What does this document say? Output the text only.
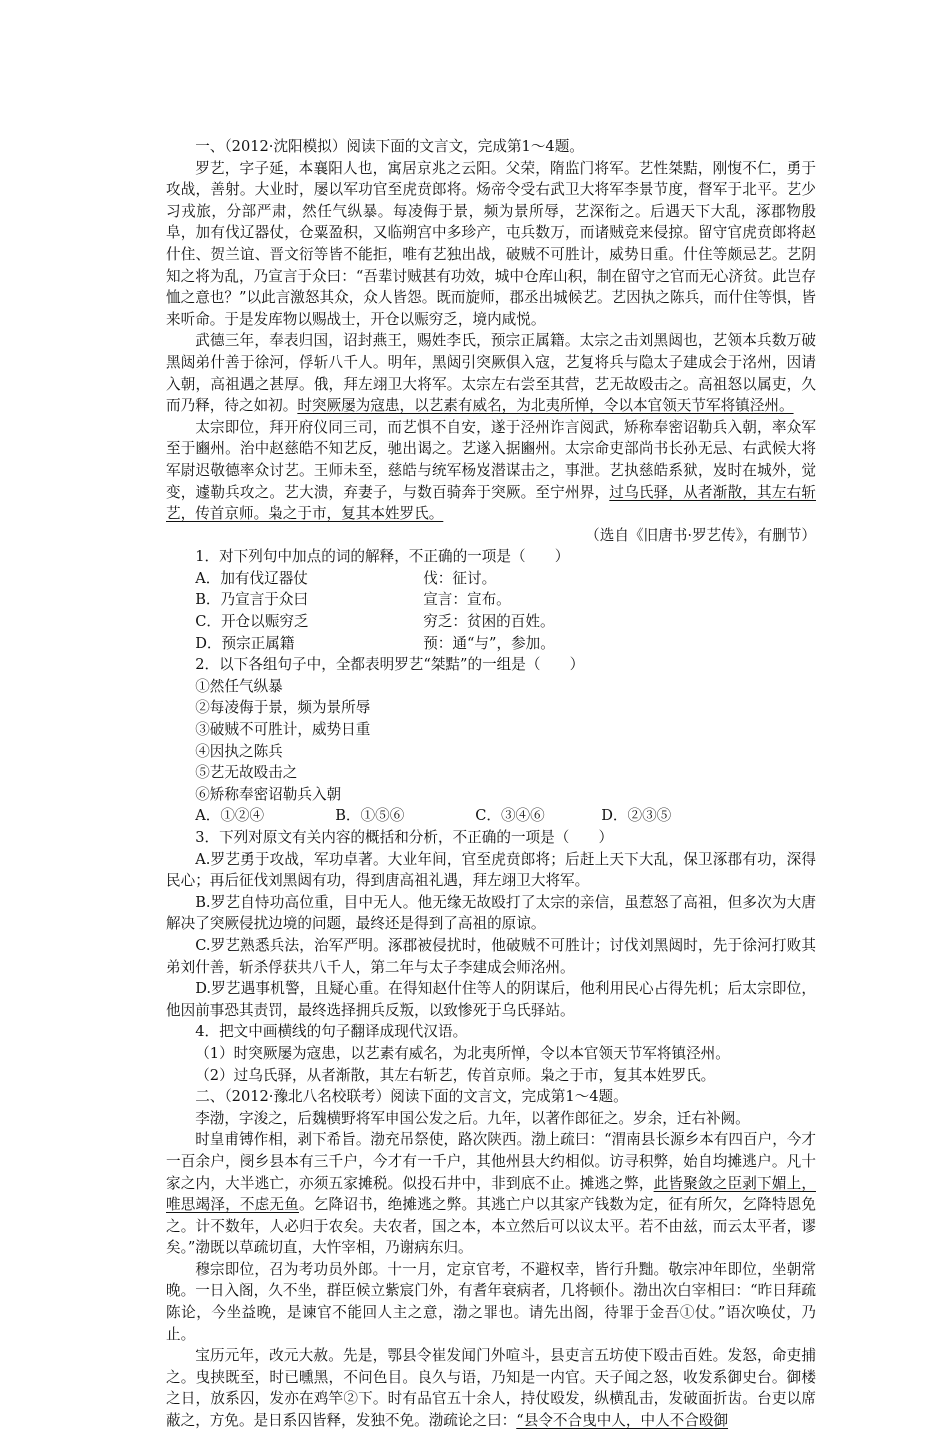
一、（2012·沈阳模拟）阅读下面的文言文，完成第1～4题。

罗艺，字子延，本襄阳人也，寓居京兆之云阳。父荣，隋监门将军。艺性桀黠，刚愎不仁，勇于攻战，善射。大业时，屡以军功官至虎贲郎将。炀帝令受右武卫大将军李景节度，督军于北平。艺少习戎旅，分部严肃，然任气纵暴。每凌侮于景，频为景所辱，艺深衔之。后遇天下大乱，涿郡物殷阜，加有伐辽器仗，仓粟盈积，又临朔宫中多珍产，屯兵数万，而诸贼竞来侵掠。留守官虎贲郎将赵什住、贺兰谊、晋文衍等皆不能拒，唯有艺独出战，破贼不可胜计，威势日重。什住等颇忌艺。艺阴知之将为乱，乃宣言于众曰：“吾辈讨贼甚有功效，城中仓库山积，制在留守之官而无心济贫。此岂存恤之意也？”以此言激怒其众，众人皆怨。既而旋师，郡丞出城候艺。艺因执之陈兵，而什住等惧，皆来听命。于是发库物以赐战士，开仓以赈穷乏，境内咸悦。

武德三年，奉表归国，诏封燕王，赐姓李氏，预宗正属籍。太宗之击刘黑闼也，艺领本兵数万破黑闼弟什善于徐河，俘斩八千人。明年，黑闼引突厥俱入寇，艺复将兵与隐太子建成会于洺州，因请入朝，高祖遇之甚厚。俄，拜左翊卫大将军。太宗左右尝至其营，艺无故殴击之。高祖怒以属吏，久而乃释，待之如初。时突厥屡为寇患，以艺素有威名，为北夷所惮，令以本官领天节军将镇泾州。

太宗即位，拜开府仪同三司，而艺惧不自安，遂于泾州诈言阅武，矫称奉密诏勒兵入朝，率众军至于豳州。治中赵慈皓不知艺反，驰出谒之。艺遂入据豳州。太宗命吏部尚书长孙无忌、右武候大将军尉迟敬德率众讨艺。王师未至，慈皓与统军杨岌潜谋击之，事泄。艺执慈皓系狱，岌时在城外，觉变，遽勒兵攻之。艺大溃，弃妻子，与数百骑奔于突厥。至宁州界，过乌氏驿，从者渐散，其左右斩艺，传首京师。枭之于市，复其本姓罗氏。

（选自《旧唐书·罗艺传》，有删节）

1．对下列句中加点的词的解释，不正确的一项是（　　）

A．加有伐辽器仗	伐：征讨。
B．乃宣言于众曰	宣言：宣布。
C．开仓以赈穷乏	穷乏：贫困的百姓。
D．预宗正属籍	预：通“与”，参加。

2．以下各组句子中，全都表明罗艺“桀黠”的一组是（　　）

①然任气纵暴
②每凌侮于景，频为景所辱
③破贼不可胜计，威势日重
④因执之陈兵
⑤艺无故殴击之
⑥矫称奉密诏勒兵入朝
A．①②④	B．①⑤⑥	C．③④⑥	D．②③⑤

3．下列对原文有关内容的概括和分析，不正确的一项是（　　）

A.罗艺勇于攻战，军功卓著。大业年间，官至虎贲郎将；后赶上天下大乱，保卫涿郡有功，深得民心；再后征伐刘黑闼有功，得到唐高祖礼遇，拜左翊卫大将军。

B.罗艺自恃功高位重，目中无人。他无缘无故殴打了太宗的亲信，虽惹怒了高祖，但多次为大唐解决了突厥侵扰边境的问题，最终还是得到了高祖的原谅。

C.罗艺熟悉兵法，治军严明。涿郡被侵扰时，他破贼不可胜计；讨伐刘黑闼时，先于徐河打败其弟刘什善，斩杀俘获共八千人，第二年与太子李建成会师洺州。

D.罗艺遇事机警，且疑心重。在得知赵什住等人的阴谋后，他利用民心占得先机；后太宗即位，他因前事恐其责罚，最终选择拥兵反叛，以致惨死于乌氏驿站。

4．把文中画横线的句子翻译成现代汉语。

（1）时突厥屡为寇患，以艺素有威名，为北夷所惮，令以本官领天节军将镇泾州。

（2）过乌氏驿，从者渐散，其左右斩艺，传首京师。枭之于市，复其本姓罗氏。

二、（2012·豫北八名校联考）阅读下面的文言文，完成第1～4题。

李渤，字浚之，后魏横野将军申国公发之后。九年，以著作郎征之。岁余，迁右补阙。

时皇甫镈作相，剥下希旨。渤充吊祭使，路次陕西。渤上疏曰：“渭南县长源乡本有四百户，今才一百余户，阌乡县本有三千户，今才有一千户，其他州县大约相似。访寻积弊，始自均摊逃户。凡十家之内，大半逃亡，亦须五家摊税。似投石井中，非到底不止。摊逃之弊，此皆聚敛之臣剥下媚上，唯思竭泽，不虑无鱼。乞降诏书，绝摊逃之弊。其逃亡户以其家产钱数为定，征有所欠，乞降特恩免之。计不数年，人必归于农矣。夫农者，国之本，本立然后可以议太平。若不由兹，而云太平者，谬矣。”渤既以草疏切直，大忤宰相，乃谢病东归。

穆宗即位，召为考功员外郎。十一月，定京官考，不避权幸，皆行升黜。敬宗冲年即位，坐朝常晚。一日入阁，久不坐，群臣候立紫宸门外，有耆年衰病者，几将顿仆。渤出次白宰相曰：“昨日拜疏陈论，今坐益晚，是谏官不能回人主之意，渤之罪也。请先出阁，待罪于金吾①仗。”语次唤仗，乃止。

宝历元年，改元大赦。先是，鄂县令崔发闻门外喧斗，县吏言五坊使下殴击百姓。发怒，命吏捕之。曳挟既至，时已曛黑，不问色目。良久与语，乃知是一内官。天子闻之怒，收发系御史台。御楼之日，放系囚，发亦在鸡竿②下。时有品官五十余人，持仗殴发，纵横乱击，发破面折齿。台吏以席蔽之，方免。是日系囚皆释，发独不免。渤疏论之曰：“县令不合曳中人，中人不合殴御
